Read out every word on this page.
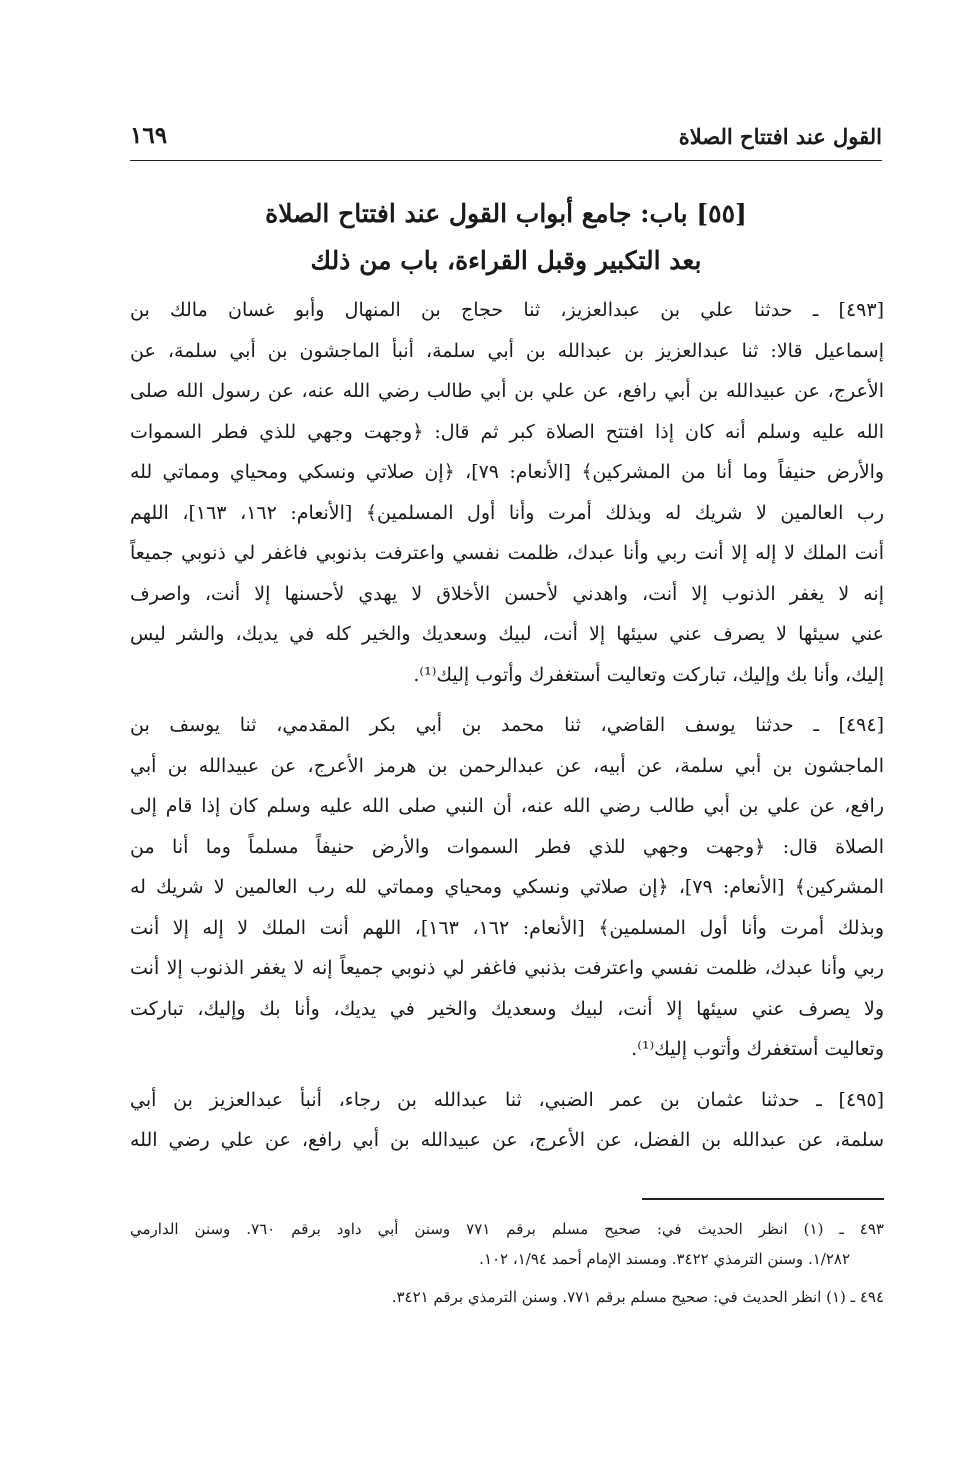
القول عند افتتاح الصلاة
١٦٩
[٥٥] باب: جامع أبواب القول عند افتتاح الصلاة
بعد التكبير وقبل القراءة، باب من ذلك
[٤٩٣] ـ حدثنا علي بن عبدالعزيز، ثنا حجاج بن المنهال وأبو غسان مالك بن
إسماعيل قالا: ثنا عبدالعزيز بن عبدالله بن أبي سلمة، أنبأ الماجشون بن أبي سلمة، عن
الأعرج، عن عبيدالله بن أبي رافع، عن علي بن أبي طالب رضي الله عنه، عن رسول الله صلى
الله عليه وسلم أنه كان إذا افتتح الصلاة كبر ثم قال: ﴿وجهت وجهي للذي فطر السموات
والأرض حنيفاً وما أنا من المشركين﴾ [الأنعام: ٧٩]، ﴿إن صلاتي ونسكي ومحياي ومماتي لله
رب العالمين لا شريك له وبذلك أمرت وأنا أول المسلمين﴾ [الأنعام: ١٦٢، ١٦٣]، اللهم
أنت الملك لا إله إلا أنت ربي وأنا عبدك، ظلمت نفسي واعترفت بذنوبي فاغفر لي ذنوبي جميعاً
إنه لا يغفر الذنوب إلا أنت، واهدني لأحسن الأخلاق لا يهدي لأحسنها إلا أنت، واصرف
عني سيئها لا يصرف عني سيئها إلا أنت، لبيك وسعديك والخير كله في يديك، والشر ليس
إليك، وأنا بك وإليك، تباركت وتعاليت أستغفرك وأتوب إليك⁽¹⁾.
[٤٩٤] ـ حدثنا يوسف القاضي، ثنا محمد بن أبي بكر المقدمي، ثنا يوسف بن
الماجشون بن أبي سلمة، عن أبيه، عن عبدالرحمن بن هرمز الأعرج، عن عبيدالله بن أبي
رافع، عن علي بن أبي طالب رضي الله عنه، أن النبي صلى الله عليه وسلم كان إذا قام إلى
الصلاة قال: ﴿وجهت وجهي للذي فطر السموات والأرض حنيفاً مسلماً وما أنا من
المشركين﴾ [الأنعام: ٧٩]، ﴿إن صلاتي ونسكي ومحياي ومماتي لله رب العالمين لا شريك له
وبذلك أمرت وأنا أول المسلمين﴾ [الأنعام: ١٦٢، ١٦٣]، اللهم أنت الملك لا إله إلا أنت
ربي وأنا عبدك، ظلمت نفسي واعترفت بذنبي فاغفر لي ذنوبي جميعاً إنه لا يغفر الذنوب إلا أنت
ولا يصرف عني سيئها إلا أنت، لبيك وسعديك والخير في يديك، وأنا بك وإليك، تباركت
وتعاليت أستغفرك وأتوب إليك⁽¹⁾.
[٤٩٥] ـ حدثنا عثمان بن عمر الضبي، ثنا عبدالله بن رجاء، أنبأ عبدالعزيز بن أبي
سلمة، عن عبدالله بن الفضل، عن الأعرج، عن عبيدالله بن أبي رافع، عن علي رضي الله
٤٩٣ ـ (١) انظر الحديث في: صحيح مسلم برقم ٧٧١ وسنن أبي داود برقم ٧٦٠. وسنن الدارمي
١/٢٨٢. وسنن الترمذي ٣٤٢٢. ومسند الإمام أحمد ١/٩٤، ١٠٢.
٤٩٤ ـ (١) انظر الحديث في: صحيح مسلم برقم ٧٧١. وسنن الترمذي برقم ٣٤٢١.
